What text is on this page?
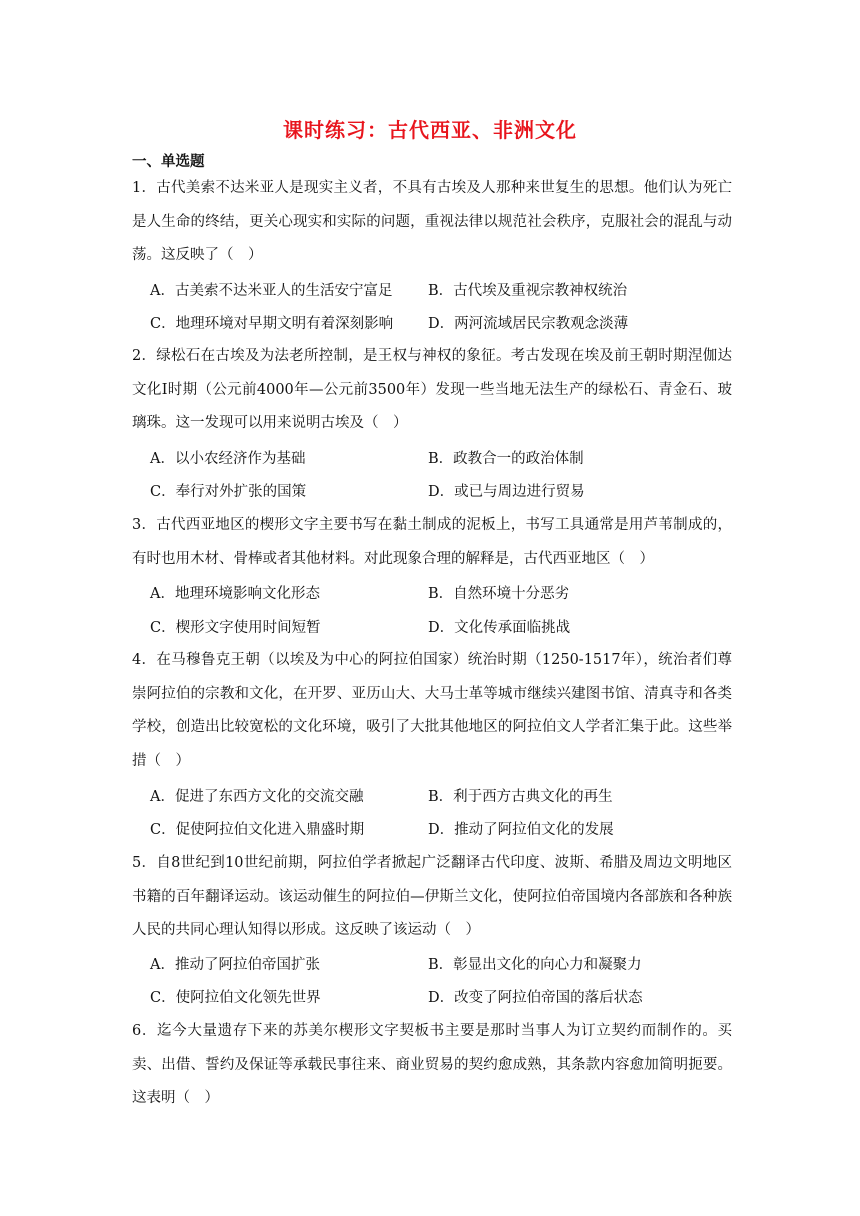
课时练习：古代西亚、非洲文化
一、单选题
1．古代美索不达米亚人是现实主义者，不具有古埃及人那种来世复生的思想。他们认为死亡是人生命的终结，更关心现实和实际的问题，重视法律以规范社会秩序，克服社会的混乱与动荡。这反映了（　）
A．古美索不达米亚人的生活安宁富足 B．古代埃及重视宗教神权统治
C．地理环境对早期文明有着深刻影响 D．两河流域居民宗教观念淡薄
2．绿松石在古埃及为法老所控制，是王权与神权的象征。考古发现在埃及前王朝时期涅伽达文化Ⅰ时期（公元前4000年—公元前3500年）发现一些当地无法生产的绿松石、青金石、玻璃珠。这一发现可以用来说明古埃及（　）
A．以小农经济作为基础	B．政教合一的政治体制
C．奉行对外扩张的国策	D．或已与周边进行贸易
3．古代西亚地区的楔形文字主要书写在黏土制成的泥板上，书写工具通常是用芦苇制成的，有时也用木材、骨棒或者其他材料。对此现象合理的解释是，古代西亚地区（　）
A．地理环境影响文化形态	B．自然环境十分恶劣
C．楔形文字使用时间短暂	D．文化传承面临挑战
4．在马穆鲁克王朝（以埃及为中心的阿拉伯国家）统治时期（1250-1517年），统治者们尊崇阿拉伯的宗教和文化，在开罗、亚历山大、大马士革等城市继续兴建图书馆、清真寺和各类学校，创造出比较宽松的文化环境，吸引了大批其他地区的阿拉伯文人学者汇集于此。这些举措（　）
A．促进了东西方文化的交流交融	B．利于西方古典文化的再生
C．促使阿拉伯文化进入鼎盛时期	D．推动了阿拉伯文化的发展
5．自8世纪到10世纪前期，阿拉伯学者掀起广泛翻译古代印度、波斯、希腊及周边文明地区书籍的百年翻译运动。该运动催生的阿拉伯—伊斯兰文化，使阿拉伯帝国境内各部族和各种族人民的共同心理认知得以形成。这反映了该运动（　）
A．推动了阿拉伯帝国扩张	B．彰显出文化的向心力和凝聚力
C．使阿拉伯文化领先世界	D．改变了阿拉伯帝国的落后状态
6．迄今大量遗存下来的苏美尔楔形文字契板书主要是那时当事人为订立契约而制作的。买卖、出借、誓约及保证等承载民事往来、商业贸易的契约愈成熟，其条款内容愈加简明扼要。这表明（　）
